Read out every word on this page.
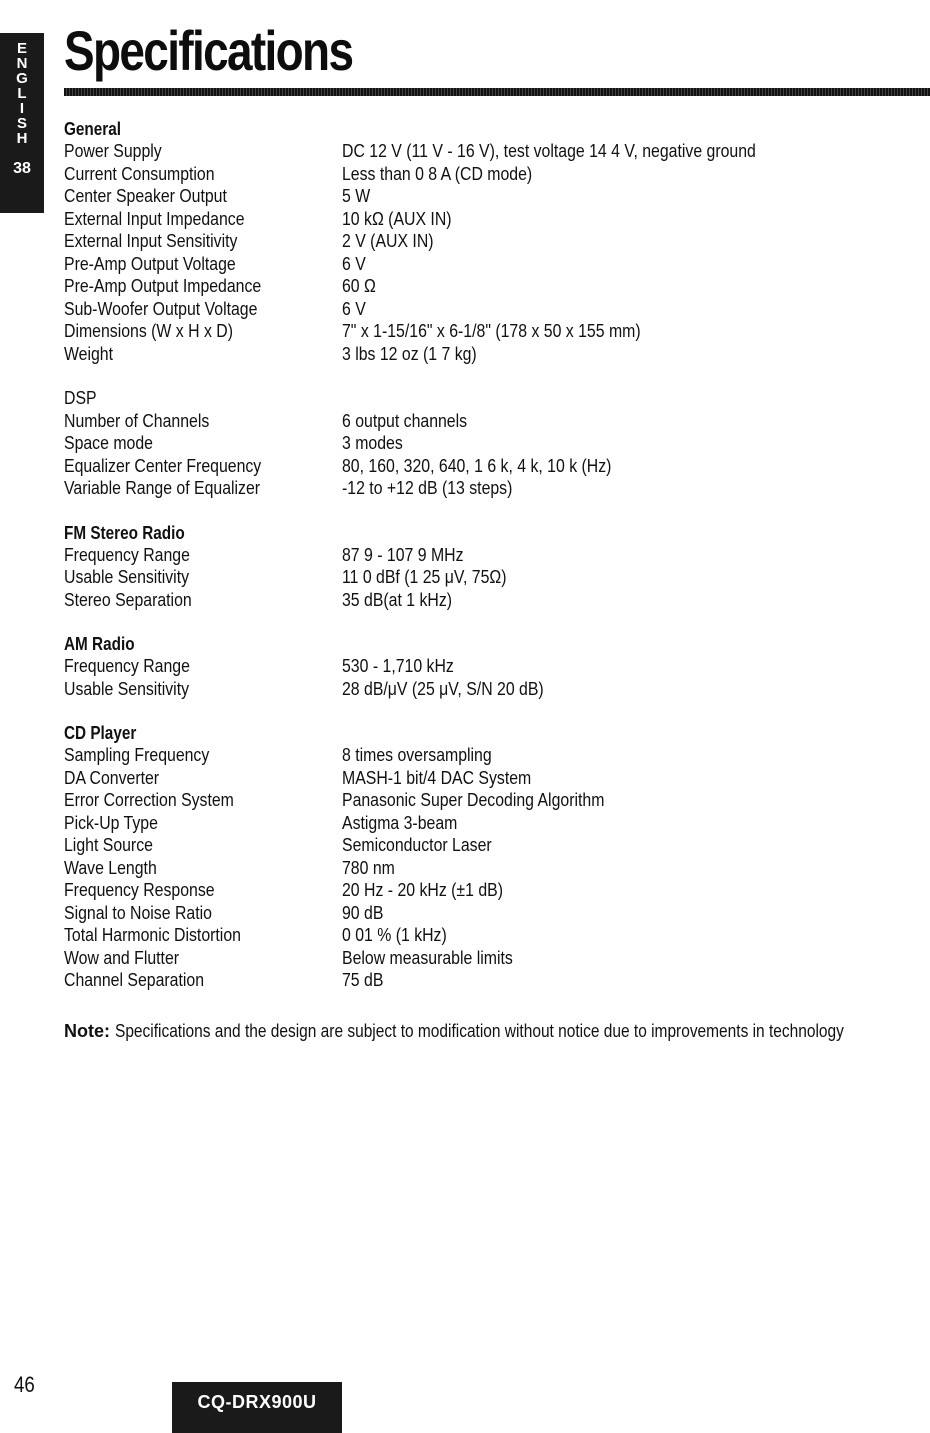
E
N
G
L
I
S
H
38
Specifications
General
Power Supply	DC 12 V (11 V - 16 V), test voltage 14 4 V, negative ground
Current Consumption	Less than 0 8 A (CD mode)
Center Speaker Output	5 W
External Input Impedance	10 kΩ (AUX IN)
External Input Sensitivity	2 V (AUX IN)
Pre-Amp Output Voltage	6 V
Pre-Amp Output Impedance	60 Ω
Sub-Woofer Output Voltage	6 V
Dimensions (W x H x D)	7" x 1-15/16" x 6-1/8" (178 x 50 x 155 mm)
Weight	3 lbs 12 oz (1 7 kg)
DSP
Number of Channels	6 output channels
Space mode	3 modes
Equalizer Center Frequency	80, 160, 320, 640, 1 6 k, 4 k, 10 k (Hz)
Variable Range of Equalizer	-12 to +12 dB (13 steps)
FM Stereo Radio
Frequency Range	87 9 - 107 9 MHz
Usable Sensitivity	11 0 dBf (1 25 μV, 75Ω)
Stereo Separation	35 dB(at 1 kHz)
AM Radio
Frequency Range	530 - 1,710 kHz
Usable Sensitivity	28 dB/μV (25 μV, S/N 20 dB)
CD Player
Sampling Frequency	8 times oversampling
DA Converter	MASH-1 bit/4 DAC System
Error Correction System	Panasonic Super Decoding Algorithm
Pick-Up Type	Astigma 3-beam
Light Source	Semiconductor Laser
Wave Length	780 nm
Frequency Response	20 Hz - 20 kHz (±1 dB)
Signal to Noise Ratio	90 dB
Total Harmonic Distortion	0 01 % (1 kHz)
Wow and Flutter	Below measurable limits
Channel Separation	75 dB
Note: Specifications and the design are subject to modification without notice due to improvements in technology
46
CQ-DRX900U
